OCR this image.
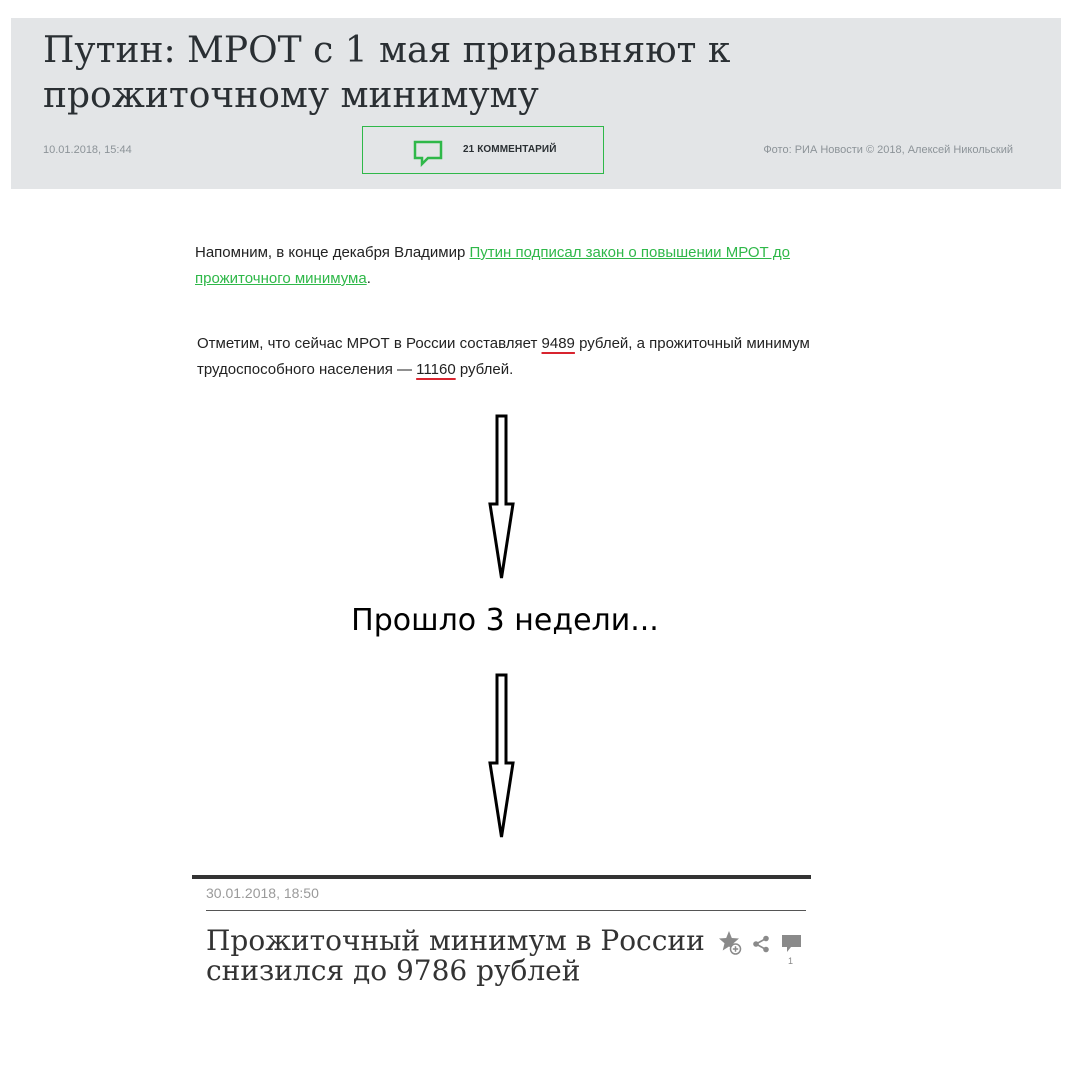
Путин: МРОТ с 1 мая приравняют к прожиточному минимуму
10.01.2018, 15:44	21 КОММЕНТАРИЙ	Фото: РИА Новости © 2018, Алексей Никольский
Напомним, в конце декабря Владимир Путин подписал закон о повышении МРОТ до прожиточного минимума.
Отметим, что сейчас МРОТ в России составляет 9489 рублей, а прожиточный минимум трудоспособного населения — 11160 рублей.
Прошло 3 недели...
30.01.2018, 18:50
Прожиточный минимум в России снизился до 9786 рублей	1
